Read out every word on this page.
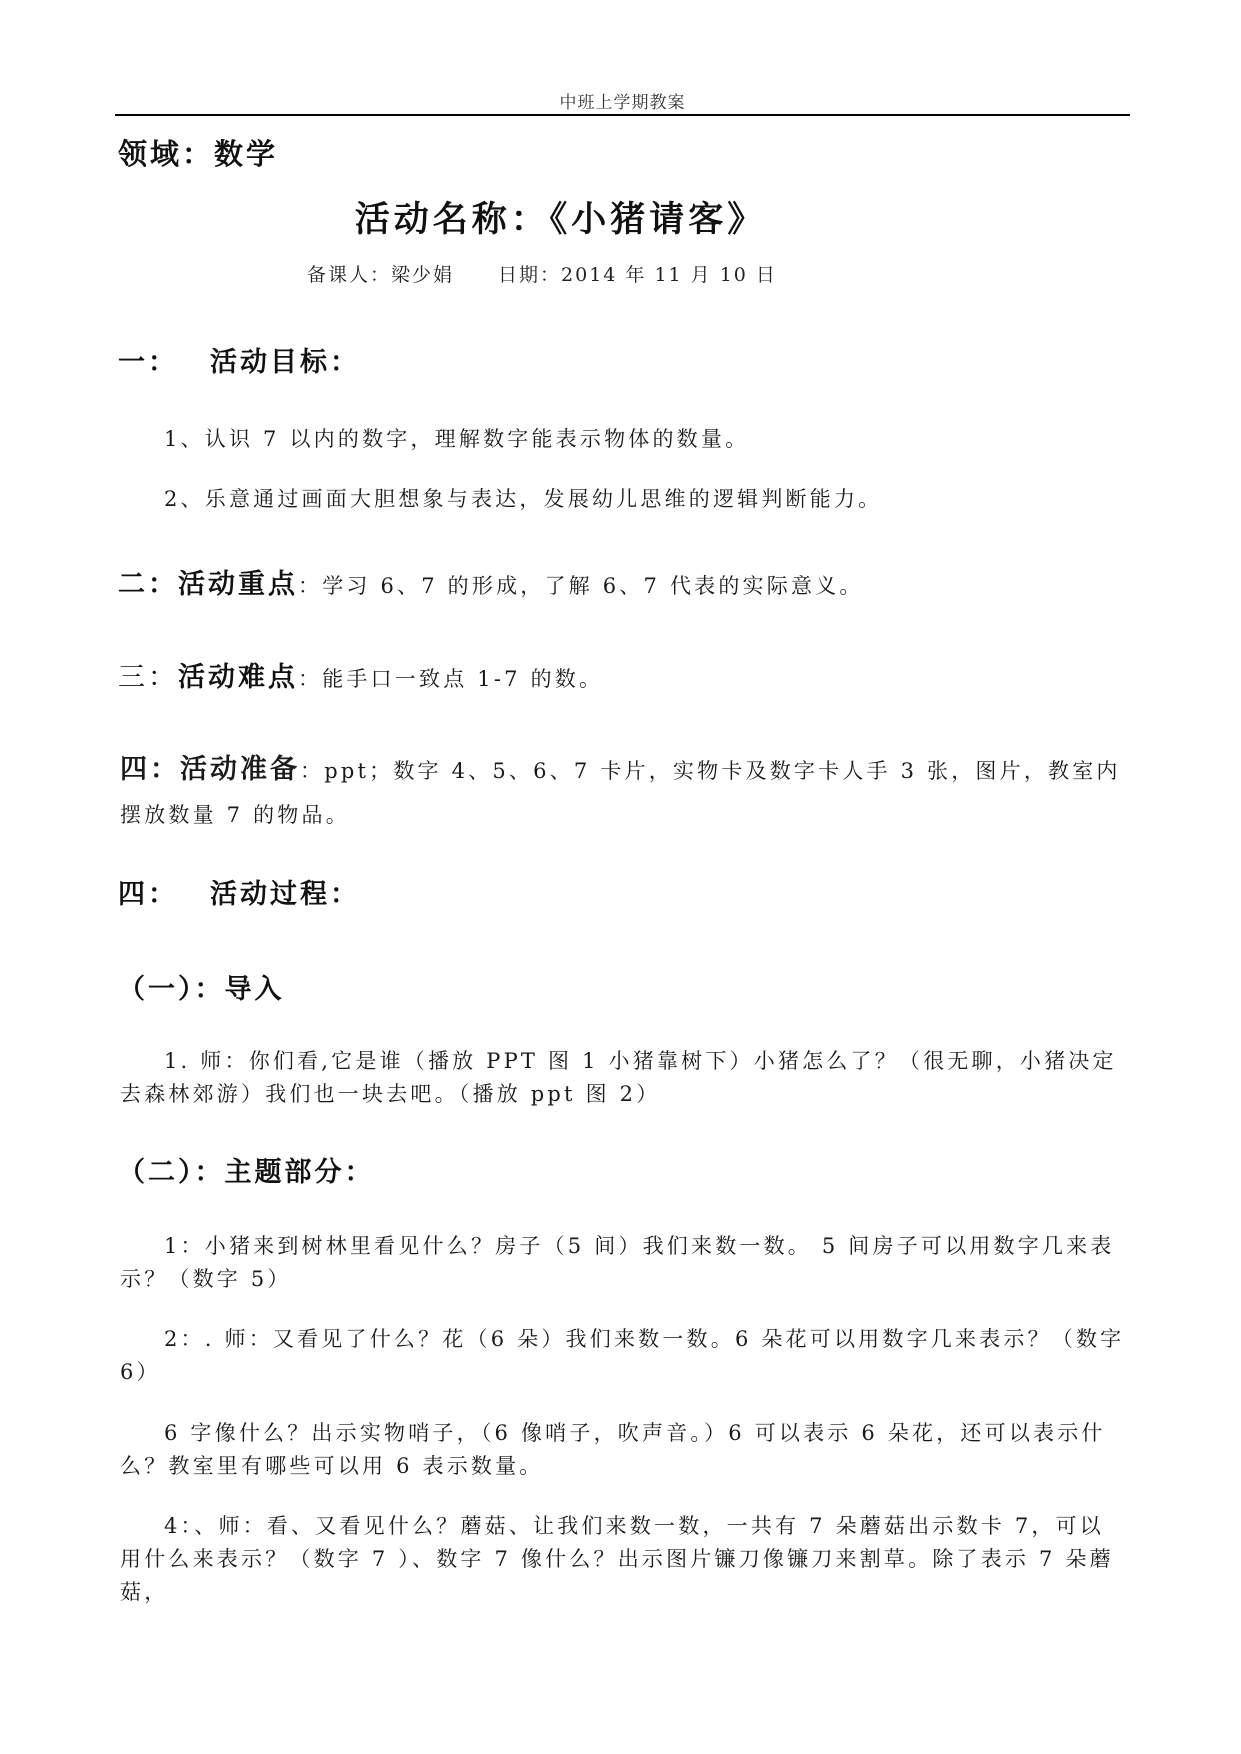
中班上学期教案
领域：数学
活动名称：《小猪请客》
备课人：梁少娟 日期：2014 年 11 月 10 日
一： 活动目标：
1、认识 7 以内的数字，理解数字能表示物体的数量。
2、乐意通过画面大胆想象与表达，发展幼儿思维的逻辑判断能力。
二：活动重点：学习 6、7 的形成，了解 6、7 代表的实际意义。
三：活动难点：能手口一致点 1-7 的数。
四：活动准备：ppt；数字 4、5、6、7 卡片，实物卡及数字卡人手 3 张，图片，教室内摆放数量 7 的物品。
四： 活动过程：
（一）：导入
1. 师：你们看,它是谁（播放 PPT 图 1 小猪靠树下）小猪怎么了？（很无聊，小猪决定去森林郊游）我们也一块去吧。（播放 ppt 图 2）
（二）：主题部分：
1：小猪来到树林里看见什么？房子（5 间）我们来数一数。 5 间房子可以用数字几来表示？（数字 5）
2：. 师：又看见了什么？花（6 朵）我们来数一数。6 朵花可以用数字几来表示？（数字 6）
6 字像什么？出示实物哨子，（6 像哨子，吹声音。）6 可以表示 6 朵花，还可以表示什么？教室里有哪些可以用 6 表示数量。
4：、师：看、又看见什么？蘑菇、让我们来数一数，一共有 7 朵蘑菇出示数卡 7，可以用什么来表示？（数字 7 ）、数字 7 像什么？出示图片镰刀像镰刀来割草。除了表示 7 朵蘑菇，
